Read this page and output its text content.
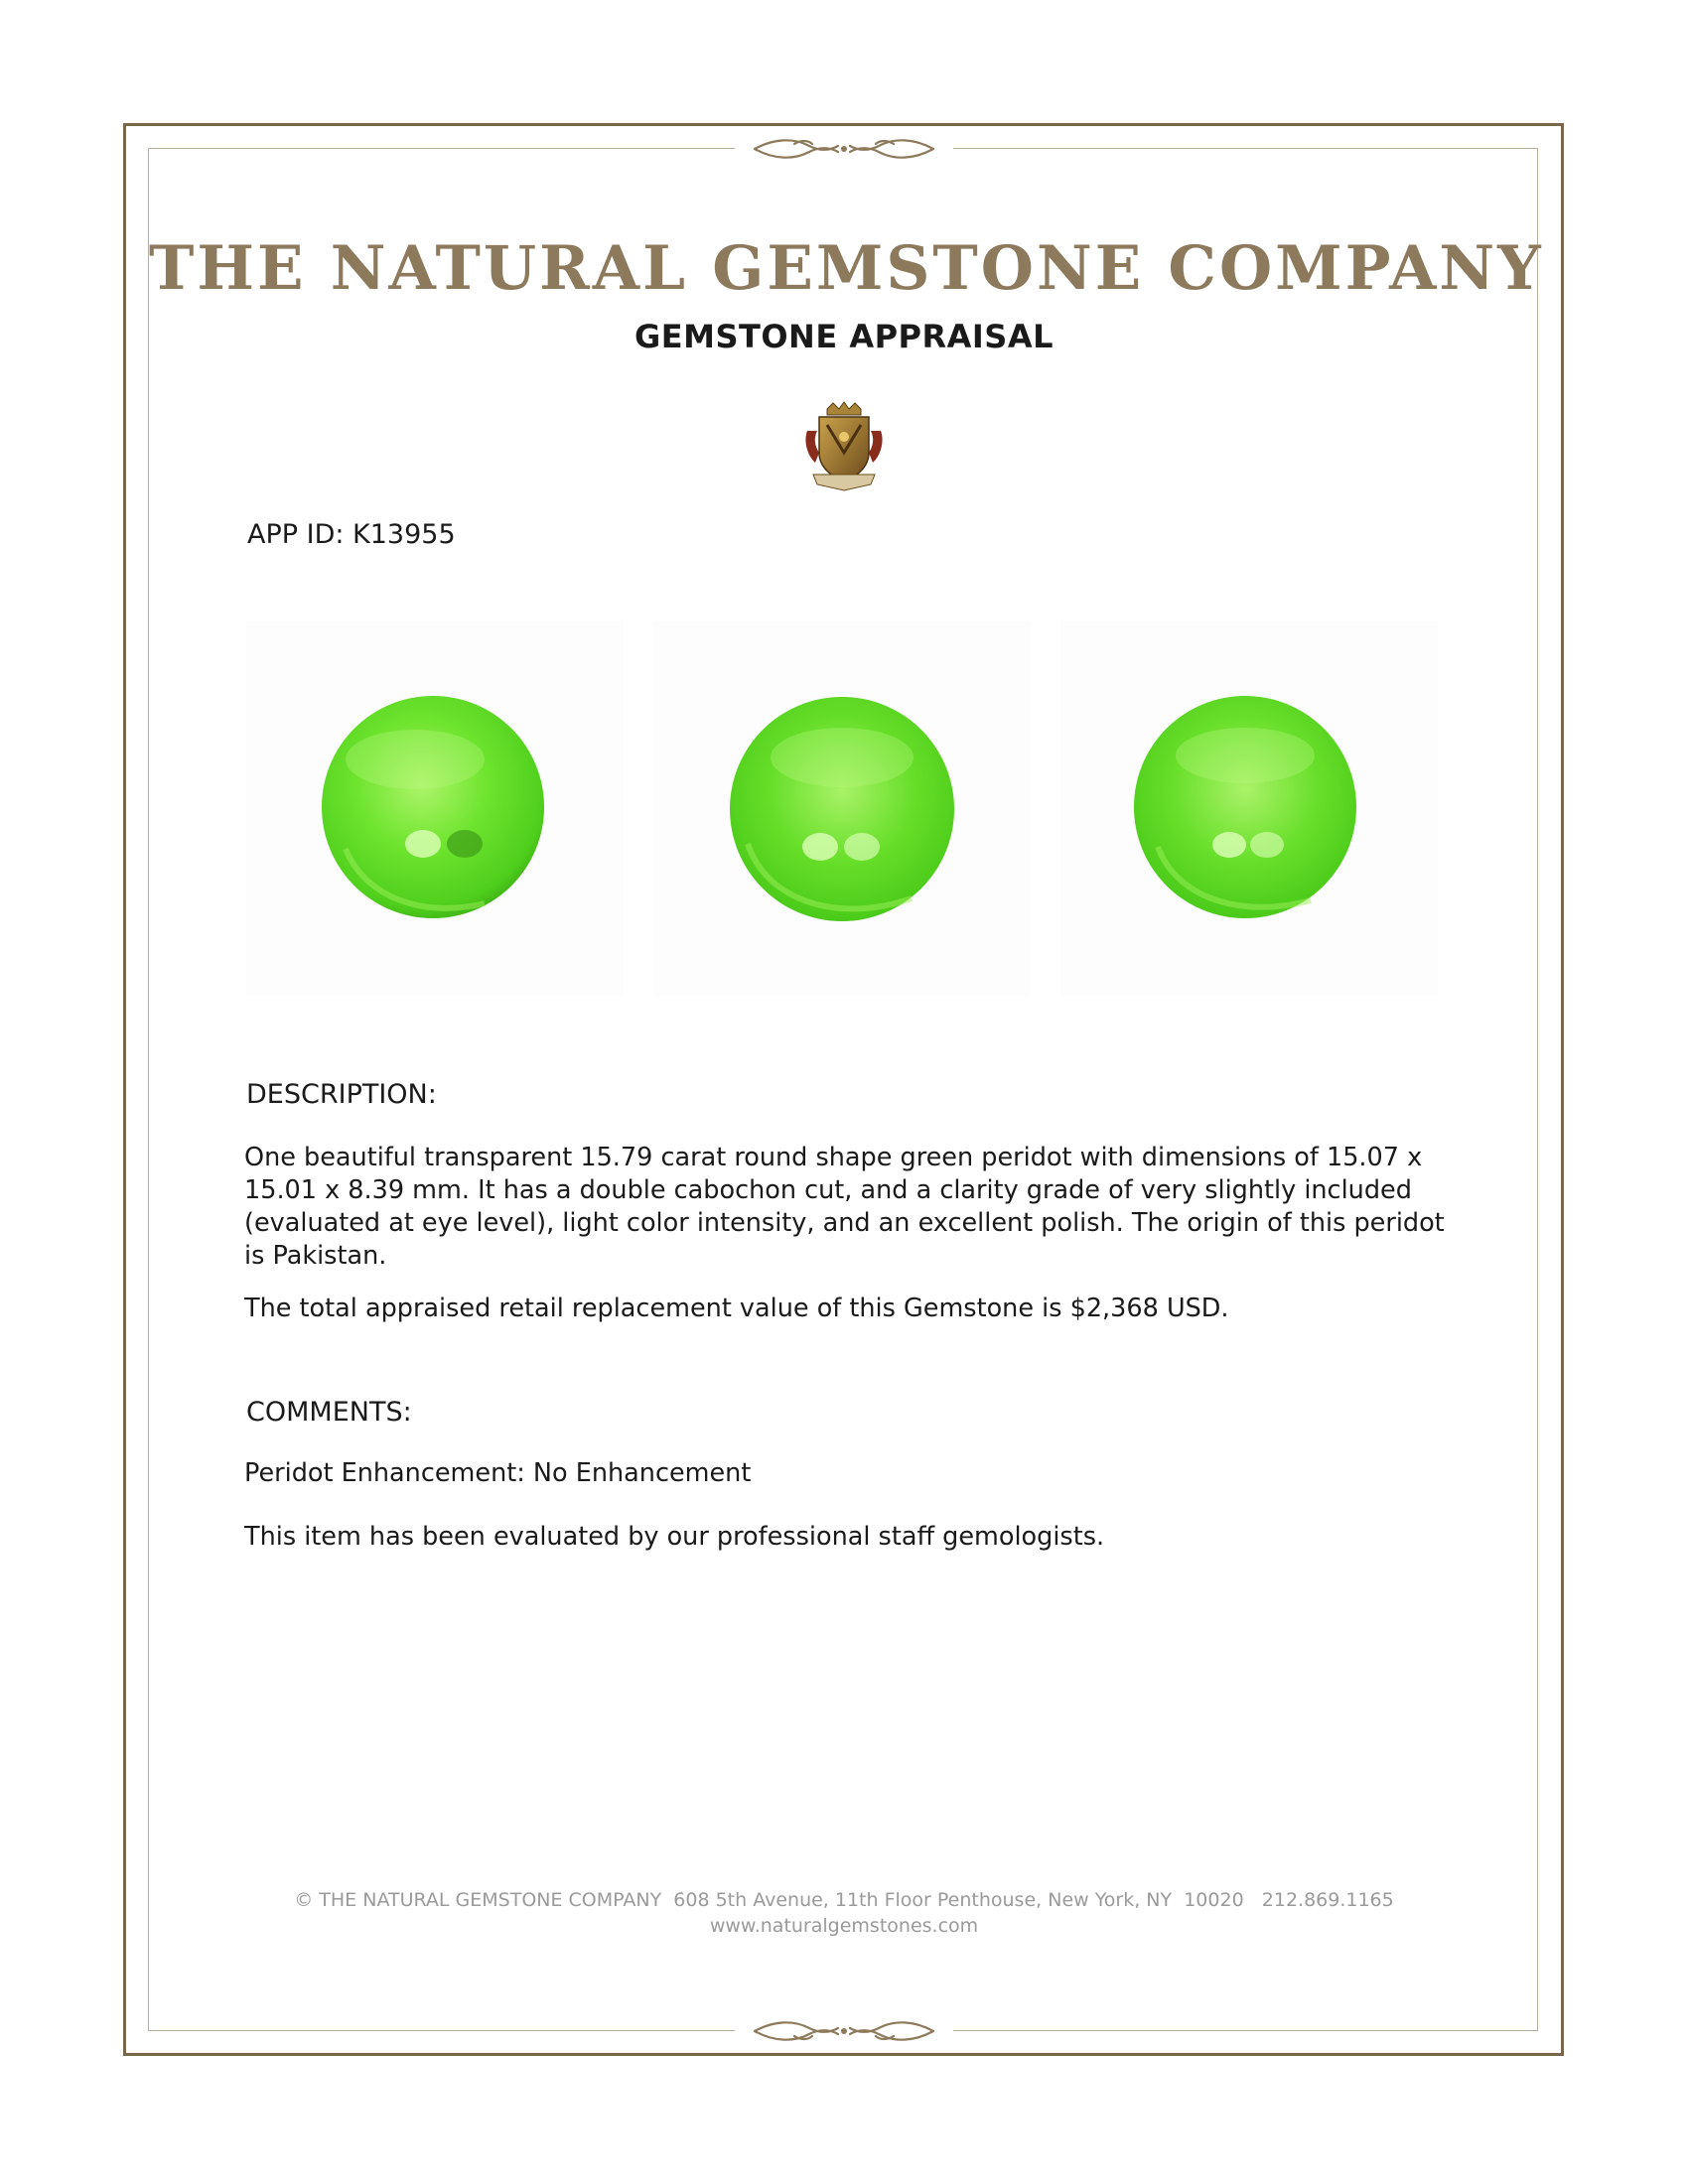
THE NATURAL GEMSTONE COMPANY
GEMSTONE APPRAISAL
APP ID: K13955
DESCRIPTION:

One beautiful transparent 15.79 carat round shape green peridot with dimensions of 15.07 x 15.01 x 8.39 mm. It has a double cabochon cut, and a clarity grade of very slightly included (evaluated at eye level), light color intensity, and an excellent polish. The origin of this peridot is Pakistan.

The total appraised retail replacement value of this Gemstone is $2,368 USD.

COMMENTS:

Peridot Enhancement: No Enhancement

This item has been evaluated by our professional staff gemologists.

© THE NATURAL GEMSTONE COMPANY  608 5th Avenue, 11th Floor Penthouse, New York, NY  10020   212.869.1165

www.naturalgemstones.com
